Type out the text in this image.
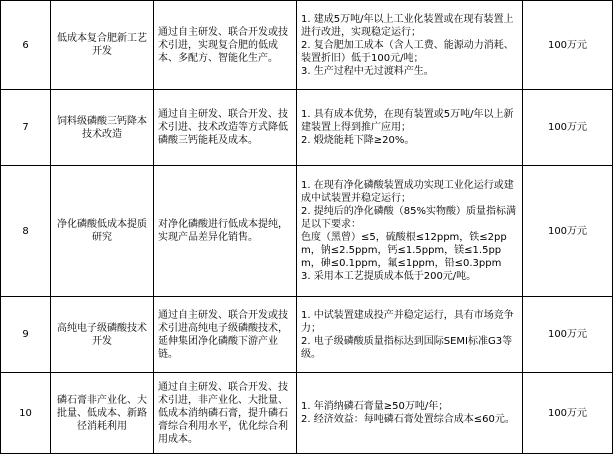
6	低成本复合肥新工艺开发	通过自主研发、联合开发或技术引进，实现复合肥的低成本、多配方、智能化生产。	1. 建成5万吨/年以上工业化装置或在现有装置上进行改进，实现稳定运行；
2. 复合肥加工成本（含人工费、能源动力消耗、装置折旧）低于100元/吨；
3. 生产过程中无过渡料产生。	100万元
7	饲料级磷酸三钙降本技术改造	通过自主研发、联合开发、技术引进、技术改造等方式降低磷酸三钙能耗及成本。	1. 具有成本优势，在现有装置或5万吨/年以上新建装置上得到推广应用；
2. 煅烧能耗下降≥20%。	100万元
8	净化磷酸低成本提质研究	对净化磷酸进行低成本提纯，实现产品差异化销售。	1. 在现有净化磷酸装置成功实现工业化运行或建成中试装置并稳定运行；
2. 提纯后的净化磷酸（85%实物酸）质量指标满足以下要求：
色度（黑曾）≤5，硫酸根≤12ppm，铁≤2ppm，钠≤2.5ppm，钙≤1.5ppm，镁≤1.5ppm，砷≤0.1ppm，氟≤1ppm，铅≤0.3ppm
3. 采用本工艺提质成本低于200元/吨。	100万元
9	高纯电子级磷酸技术开发	通过自主研发、联合开发或技术引进高纯电子级磷酸技术，延伸集团净化磷酸下游产业链。	1. 中试装置建成投产并稳定运行，具有市场竞争力；
2. 电子级磷酸质量指标达到国际SEMI标准G3等级。	100万元
10	磷石膏非产业化、大批量、低成本、新路径消耗利用	通过自主研发、联合开发、技术引进，非产业化、大批量、低成本消纳磷石膏，提升磷石膏综合利用水平，优化综合利用成本。	1. 年消纳磷石膏量≥50万吨/年；
2. 经济效益：每吨磷石膏处置综合成本≤60元。	100万元
